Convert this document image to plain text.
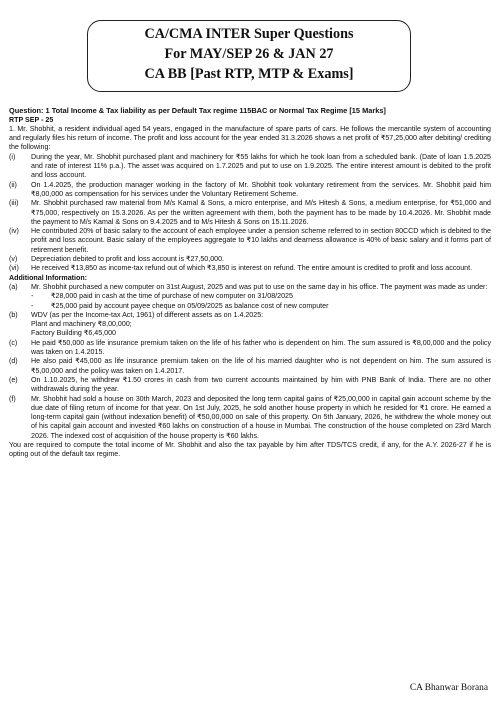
CA/CMA INTER Super Questions
For MAY/SEP 26 & JAN 27
CA BB [Past RTP, MTP & Exams]

Question: 1 Total Income & Tax liability as per Default Tax regime 115BAC or Normal Tax Regime [15 Marks]

RTP SEP - 25

1. Mr. Shobhit, a resident individual aged 54 years, engaged in the manufacture of spare parts of cars. He follows the mercantile system of accounting and regularly files his return of income. The profit and loss account for the year ended 31.3.2026 shows a net profit of ₹57,25,000 after debiting/ crediting the following:

(i)	During the year, Mr. Shobhit purchased plant and machinery for ₹55 lakhs for which he took loan from a scheduled bank. (Date of loan 1.5.2025 and rate of interest 11% p.a.). The asset was acquired on 1.7.2025 and put to use on 1.9.2025. The entire interest amount is debited to the profit and loss account.
(ii)	On 1.4.2025, the production manager working in the factory of Mr. Shobhit took voluntary retirement from the services. Mr. Shobhit paid him ₹8,00,000 as compensation for his services under the Voluntary Retirement Scheme.
(iii)	Mr. Shobhit purchased raw material from M/s Kamal & Sons, a micro enterprise, and M/s Hitesh & Sons, a medium enterprise, for ₹51,000 and ₹75,000, respectively on 15.3.2026. As per the written agreement with them, both the payment has to be made by 10.4.2026. Mr. Shobhit made the payment to M/s Kamal & Sons on 9.4.2025 and to M/s Hitesh & Sons on 15.11.2026.
(iv)	He contributed 20% of basic salary to the account of each employee under a pension scheme referred to in section 80CCD which is debited to the profit and loss account. Basic salary of the employees aggregate to ₹10 lakhs and dearness allowance is 40% of basic salary and it forms part of retirement benefit.
(v)	Depreciation debited to profit and loss account is ₹27,50,000.
(vi)	He received ₹13,850 as income-tax refund out of which ₹3,850 is interest on refund. The entire amount is credited to profit and loss account.

Additional Information:

(a)	Mr. Shobhit purchased a new computer on 31st August, 2025 and was put to use on the same day in his office. The payment was made as under:
-	₹28,000 paid in cash at the time of purchase of new computer on 31/08/2025
-	₹25,000 paid by account payee cheque on 05/09/2025 as balance cost of new computer
(b)	WDV (as per the Income-tax Act, 1961) of different assets as on 1.4.2025:
Plant and machinery ₹8,00,000;
Factory Building ₹6,45,000
(c)	He paid ₹50,000 as life insurance premium taken on the life of his father who is dependent on him. The sum assured is ₹8,00,000 and the policy was taken on 1.4.2015.
(d)	He also paid ₹45,000 as life insurance premium taken on the life of his married daughter who is not dependent on him. The sum assured is ₹5,00,000 and the policy was taken on 1.4.2017.
(e)	On 1.10.2025, he withdrew ₹1.50 crores in cash from two current accounts maintained by him with PNB Bank of India. There are no other withdrawals during the year.
(f)	Mr. Shobhit had sold a house on 30th March, 2023 and deposited the long term capital gains of ₹25,00,000 in capital gain account scheme by the due date of filing return of income for that year. On 1st July, 2025, he sold another house property in which he resided for ₹1 crore. He earned a long-term capital gain (without indexation benefit) of ₹50,00,000 on sale of this property. On 5th January, 2026, he withdrew the whole money out of his capital gain account and invested ₹60 lakhs on construction of a house in Mumbai. The construction of the house completed on 23rd March 2026. The indexed cost of acquisition of the house property is ₹60 lakhs.

You are required to compute the total income of Mr. Shobhit and also the tax payable by him after TDS/TCS credit, if any, for the A.Y. 2026-27 if he is opting out of the default tax regime.

CA Bhanwar Borana
